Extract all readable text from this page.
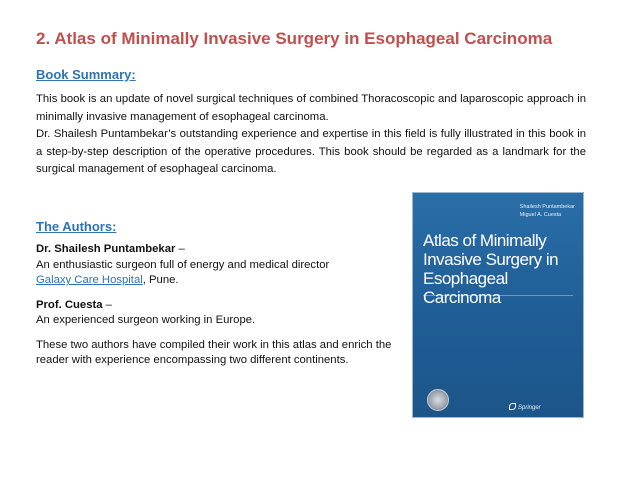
2. Atlas of Minimally Invasive Surgery in Esophageal Carcinoma
Book Summary:

This book is an update of novel surgical techniques of combined Thoracoscopic and laparoscopic approach in minimally invasive management of esophageal carcinoma.

Dr. Shailesh Puntambekar’s outstanding experience and expertise in this field is fully illustrated in this book in a step-by-step description of the operative procedures. This book should be regarded as a landmark for the surgical management of esophageal carcinoma.

The Authors:

Dr. Shailesh Puntambekar –
An enthusiastic surgeon full of energy and medical director
Galaxy Care Hospital, Pune.

Prof. Cuesta –
An experienced surgeon working in Europe.

These two authors have compiled their work in this atlas and enrich the reader with experience encompassing two different continents.

Shailesh Puntambekar
Miguel A. Cuesta
Atlas of Minimally Invasive Surgery in Esophageal Carcinoma
Springer
